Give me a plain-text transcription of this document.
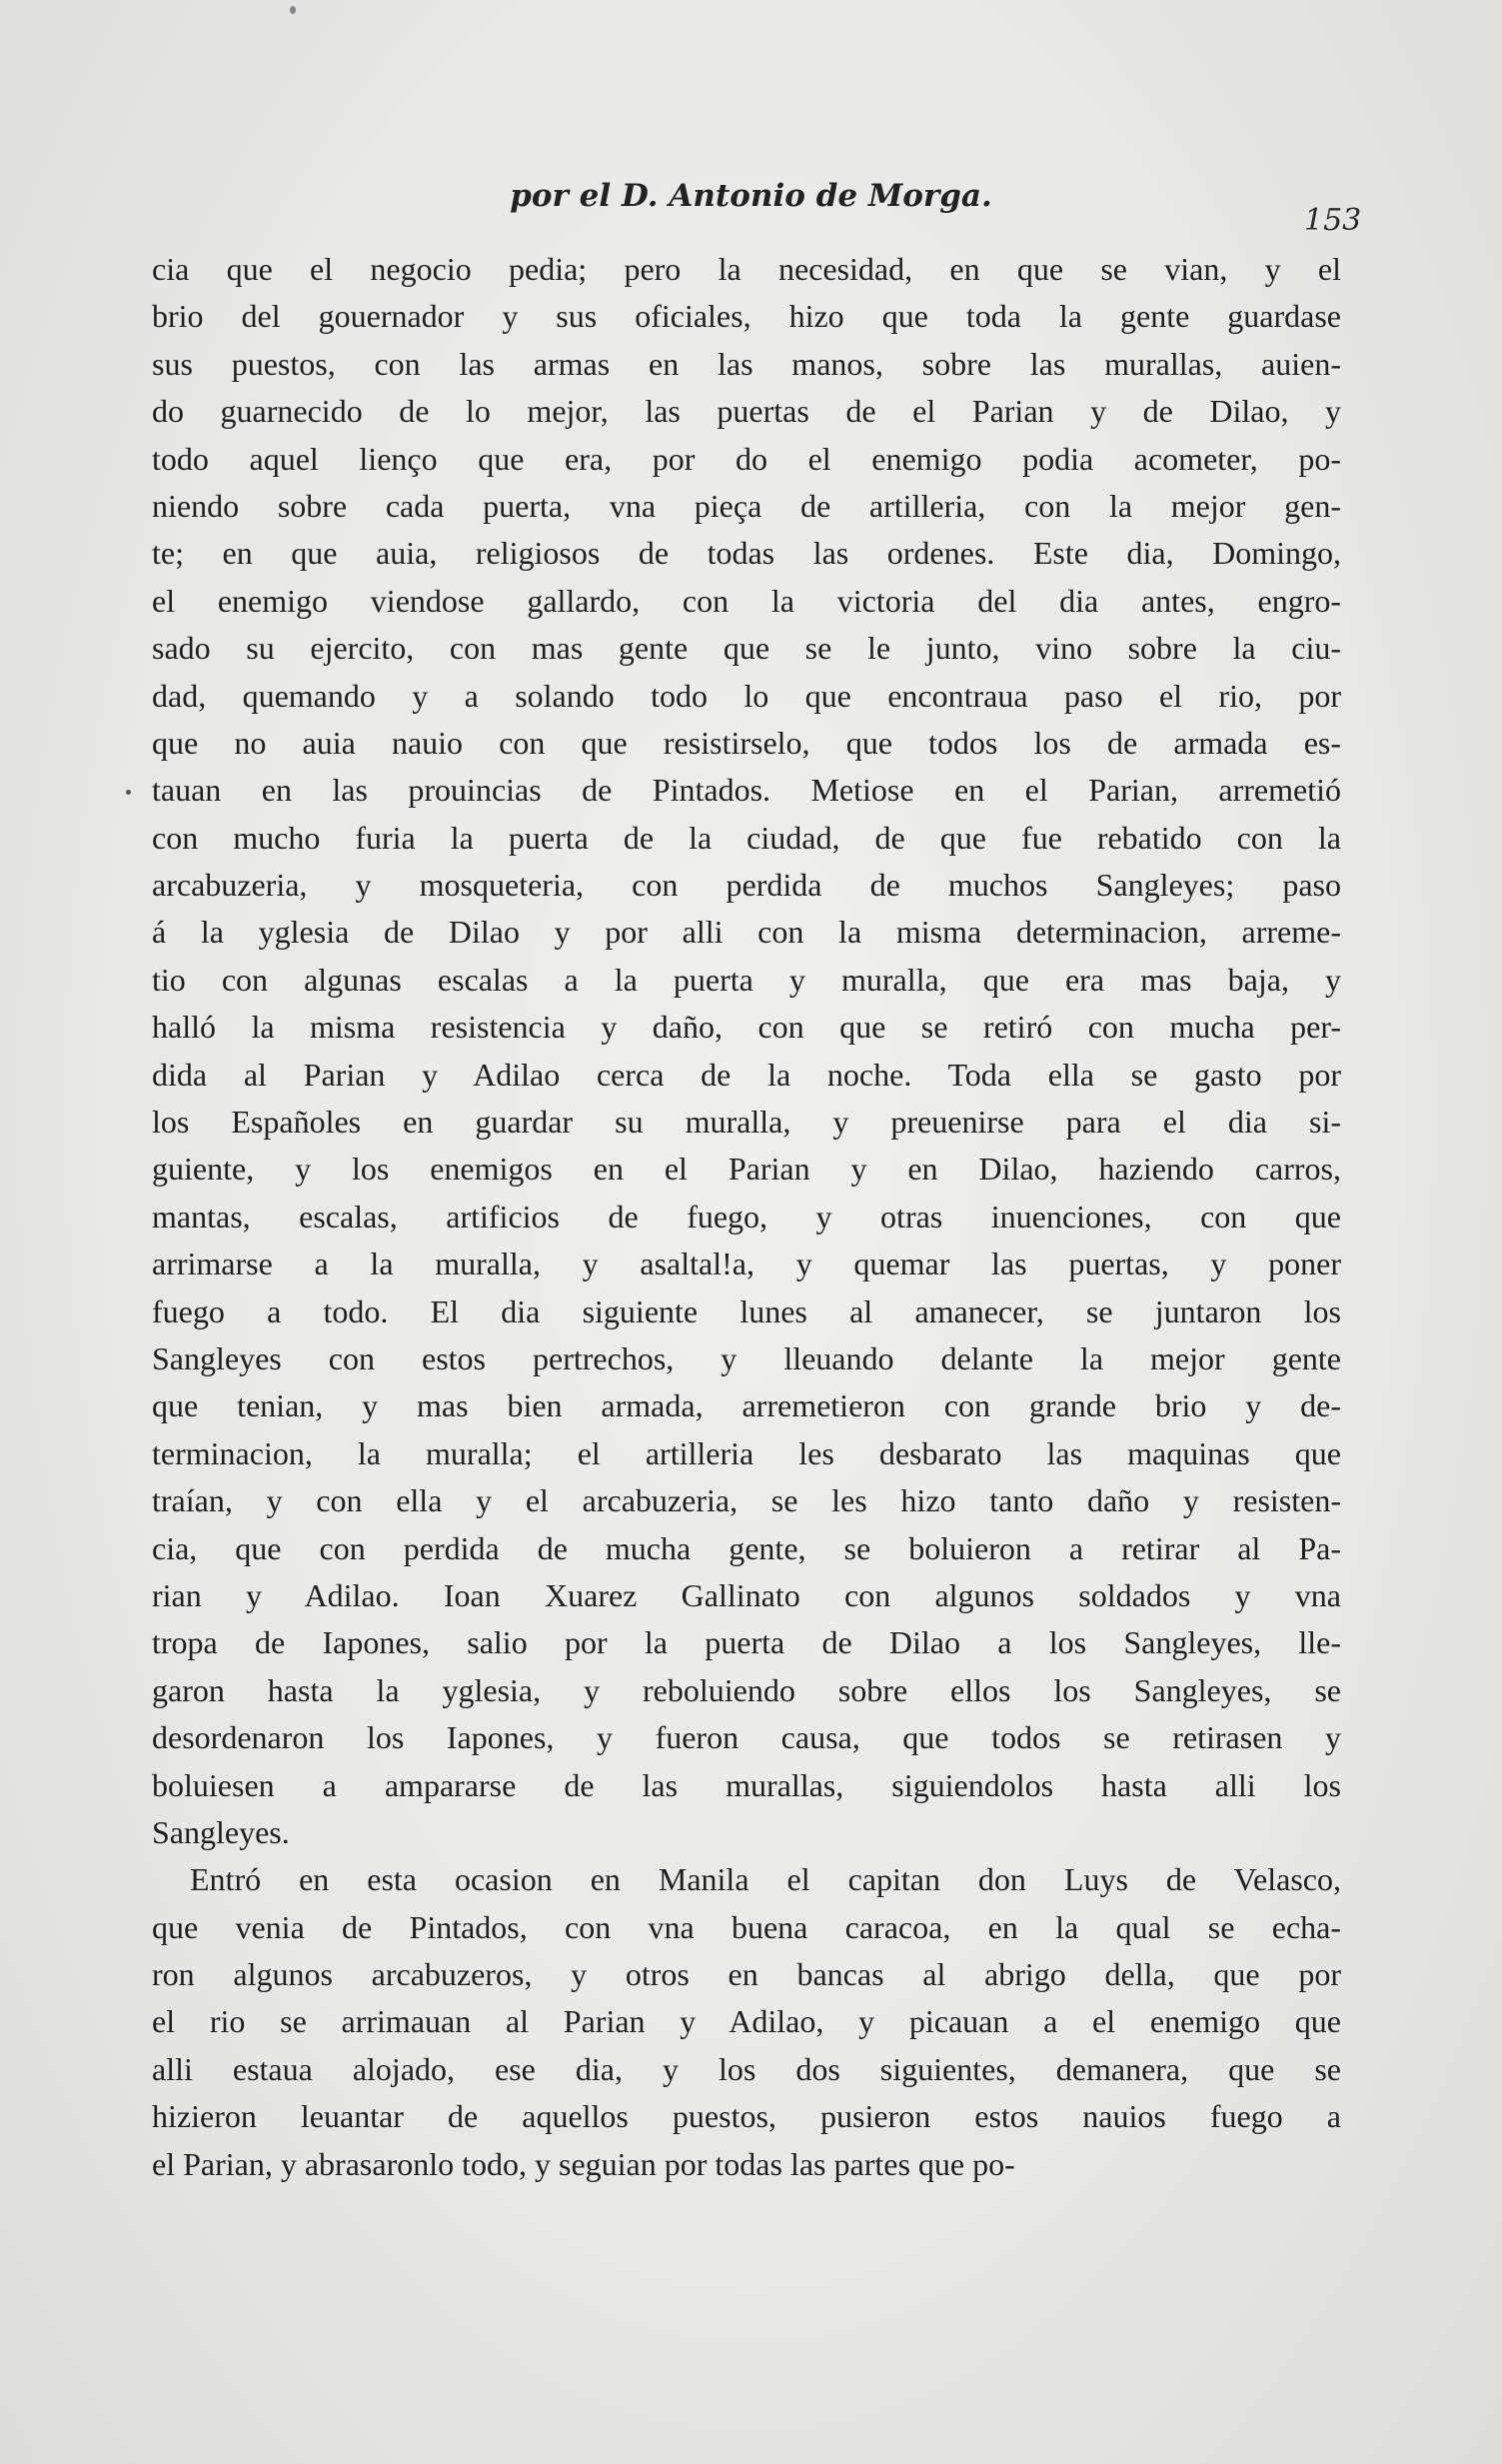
por el D. Antonio de Morga.
153
cia que el negocio pedia; pero la necesidad, en que se vian, y el
brio del gouernador y sus oficiales, hizo que toda la gente guardase
sus puestos, con las armas en las manos, sobre las murallas, auien-
do guarnecido de lo mejor, las puertas de el Parian y de Dilao, y
todo aquel lienço que era, por do el enemigo podia acometer, po-
niendo sobre cada puerta, vna pieça de artilleria, con la mejor gen-
te; en que auia, religiosos de todas las ordenes. Este dia, Domingo,
el enemigo viendose gallardo, con la victoria del dia antes, engro-
sado su ejercito, con mas gente que se le junto, vino sobre la ciu-
dad, quemando y a solando todo lo que encontraua paso el rio, por
que no auia nauio con que resistirselo, que todos los de armada es-
tauan en las prouincias de Pintados. Metiose en el Parian, arremetió
con mucho furia la puerta de la ciudad, de que fue rebatido con la
arcabuzeria, y mosqueteria, con perdida de muchos Sangleyes; paso
á la yglesia de Dilao y por alli con la misma determinacion, arreme-
tio con algunas escalas a la puerta y muralla, que era mas baja, y
halló la misma resistencia y daño, con que se retiró con mucha per-
dida al Parian y Adilao cerca de la noche. Toda ella se gasto por
los Españoles en guardar su muralla, y preuenirse para el dia si-
guiente, y los enemigos en el Parian y en Dilao, haziendo carros,
mantas, escalas, artificios de fuego, y otras inuenciones, con que
arrimarse a la muralla, y asaltal!a, y quemar las puertas, y poner
fuego a todo. El dia siguiente lunes al amanecer, se juntaron los
Sangleyes con estos pertrechos, y lleuando delante la mejor gente
que tenian, y mas bien armada, arremetieron con grande brio y de-
terminacion, la muralla; el artilleria les desbarato las maquinas que
traían, y con ella y el arcabuzeria, se les hizo tanto daño y resisten-
cia, que con perdida de mucha gente, se boluieron a retirar al Pa-
rian y Adilao. Ioan Xuarez Gallinato con algunos soldados y vna
tropa de Iapones, salio por la puerta de Dilao a los Sangleyes, lle-
garon hasta la yglesia, y reboluiendo sobre ellos los Sangleyes, se
desordenaron los Iapones, y fueron causa, que todos se retirasen y
boluiesen a ampararse de las murallas, siguiendolos hasta alli los
Sangleyes.
Entró en esta ocasion en Manila el capitan don Luys de Velasco,
que venia de Pintados, con vna buena caracoa, en la qual se echa-
ron algunos arcabuzeros, y otros en bancas al abrigo della, que por
el rio se arrimauan al Parian y Adilao, y picauan a el enemigo que
alli estaua alojado, ese dia, y los dos siguientes, demanera, que se
hizieron leuantar de aquellos puestos, pusieron estos nauios fuego a
el Parian, y abrasaronlo todo, y seguian por todas las partes que po-
